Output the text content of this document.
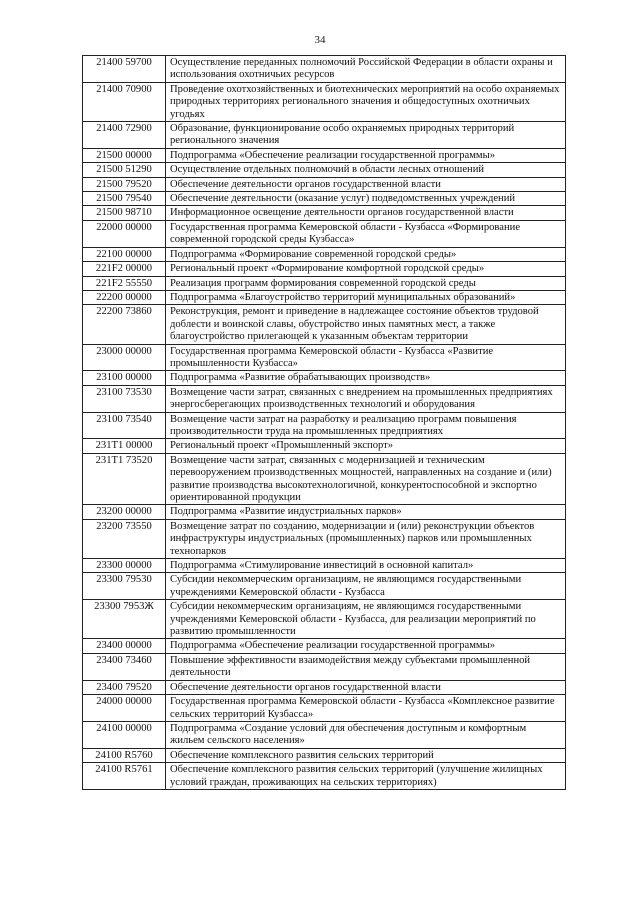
34
21400 59700	Осуществление переданных полномочий Российской Федерации в области охраны и использования охотничьих ресурсов
21400 70900	Проведение охотхозяйственных и биотехнических мероприятий на особо охраняемых природных территориях регионального значения и общедоступных охотничьих угодьях
21400 72900	Образование, функционирование особо охраняемых природных территорий регионального значения
21500 00000	Подпрограмма «Обеспечение реализации государственной программы»
21500 51290	Осуществление отдельных полномочий в области лесных отношений
21500 79520	Обеспечение деятельности органов государственной власти
21500 79540	Обеспечение деятельности (оказание услуг) подведомственных учреждений
21500 98710	Информационное освещение деятельности органов государственной власти
22000 00000	Государственная программа Кемеровской области - Кузбасса «Формирование современной городской среды Кузбасса»
22100 00000	Подпрограмма «Формирование современной городской среды»
221F2 00000	Региональный проект «Формирование комфортной городской среды»
221F2 55550	Реализация программ формирования современной городской среды
22200 00000	Подпрограмма «Благоустройство территорий муниципальных образований»
22200 73860	Реконструкция, ремонт и приведение в надлежащее состояние объектов трудовой доблести и воинской славы, обустройство иных памятных мест, а также благоустройство прилегающей к указанным объектам территории
23000 00000	Государственная программа Кемеровской области - Кузбасса «Развитие промышленности Кузбасса»
23100 00000	Подпрограмма «Развитие обрабатывающих производств»
23100 73530	Возмещение части затрат, связанных с внедрением на промышленных предприятиях энергосберегающих производственных технологий и оборудования
23100 73540	Возмещение части затрат на разработку и реализацию программ повышения производительности труда на промышленных предприятиях
231T1 00000	Региональный проект «Промышленный экспорт»
231T1 73520	Возмещение части затрат, связанных с модернизацией и техническим перевооружением производственных мощностей, направленных на создание и (или) развитие производства высокотехнологичной, конкурентоспособной и экспортно ориентированной продукции
23200 00000	Подпрограмма «Развитие индустриальных парков»
23200 73550	Возмещение затрат по созданию, модернизации и (или) реконструкции объектов инфраструктуры индустриальных (промышленных) парков или промышленных технопарков
23300 00000	Подпрограмма «Стимулирование инвестиций в основной капитал»
23300 79530	Субсидии некоммерческим организациям, не являющимся государственными учреждениями Кемеровской области - Кузбасса
23300 7953Ж	Субсидии некоммерческим организациям, не являющимся государственными учреждениями Кемеровской области - Кузбасса, для реализации мероприятий по развитию промышленности
23400 00000	Подпрограмма «Обеспечение реализации государственной программы»
23400 73460	Повышение эффективности взаимодействия между субъектами промышленной деятельности
23400 79520	Обеспечение деятельности органов государственной власти
24000 00000	Государственная программа Кемеровской области - Кузбасса «Комплексное развитие сельских территорий Кузбасса»
24100 00000	Подпрограмма «Создание условий для обеспечения доступным и комфортным жильем сельского населения»
24100 R5760	Обеспечение комплексного развития сельских территорий
24100 R5761	Обеспечение комплексного развития сельских территорий (улучшение жилищных условий граждан, проживающих на сельских территориях)
